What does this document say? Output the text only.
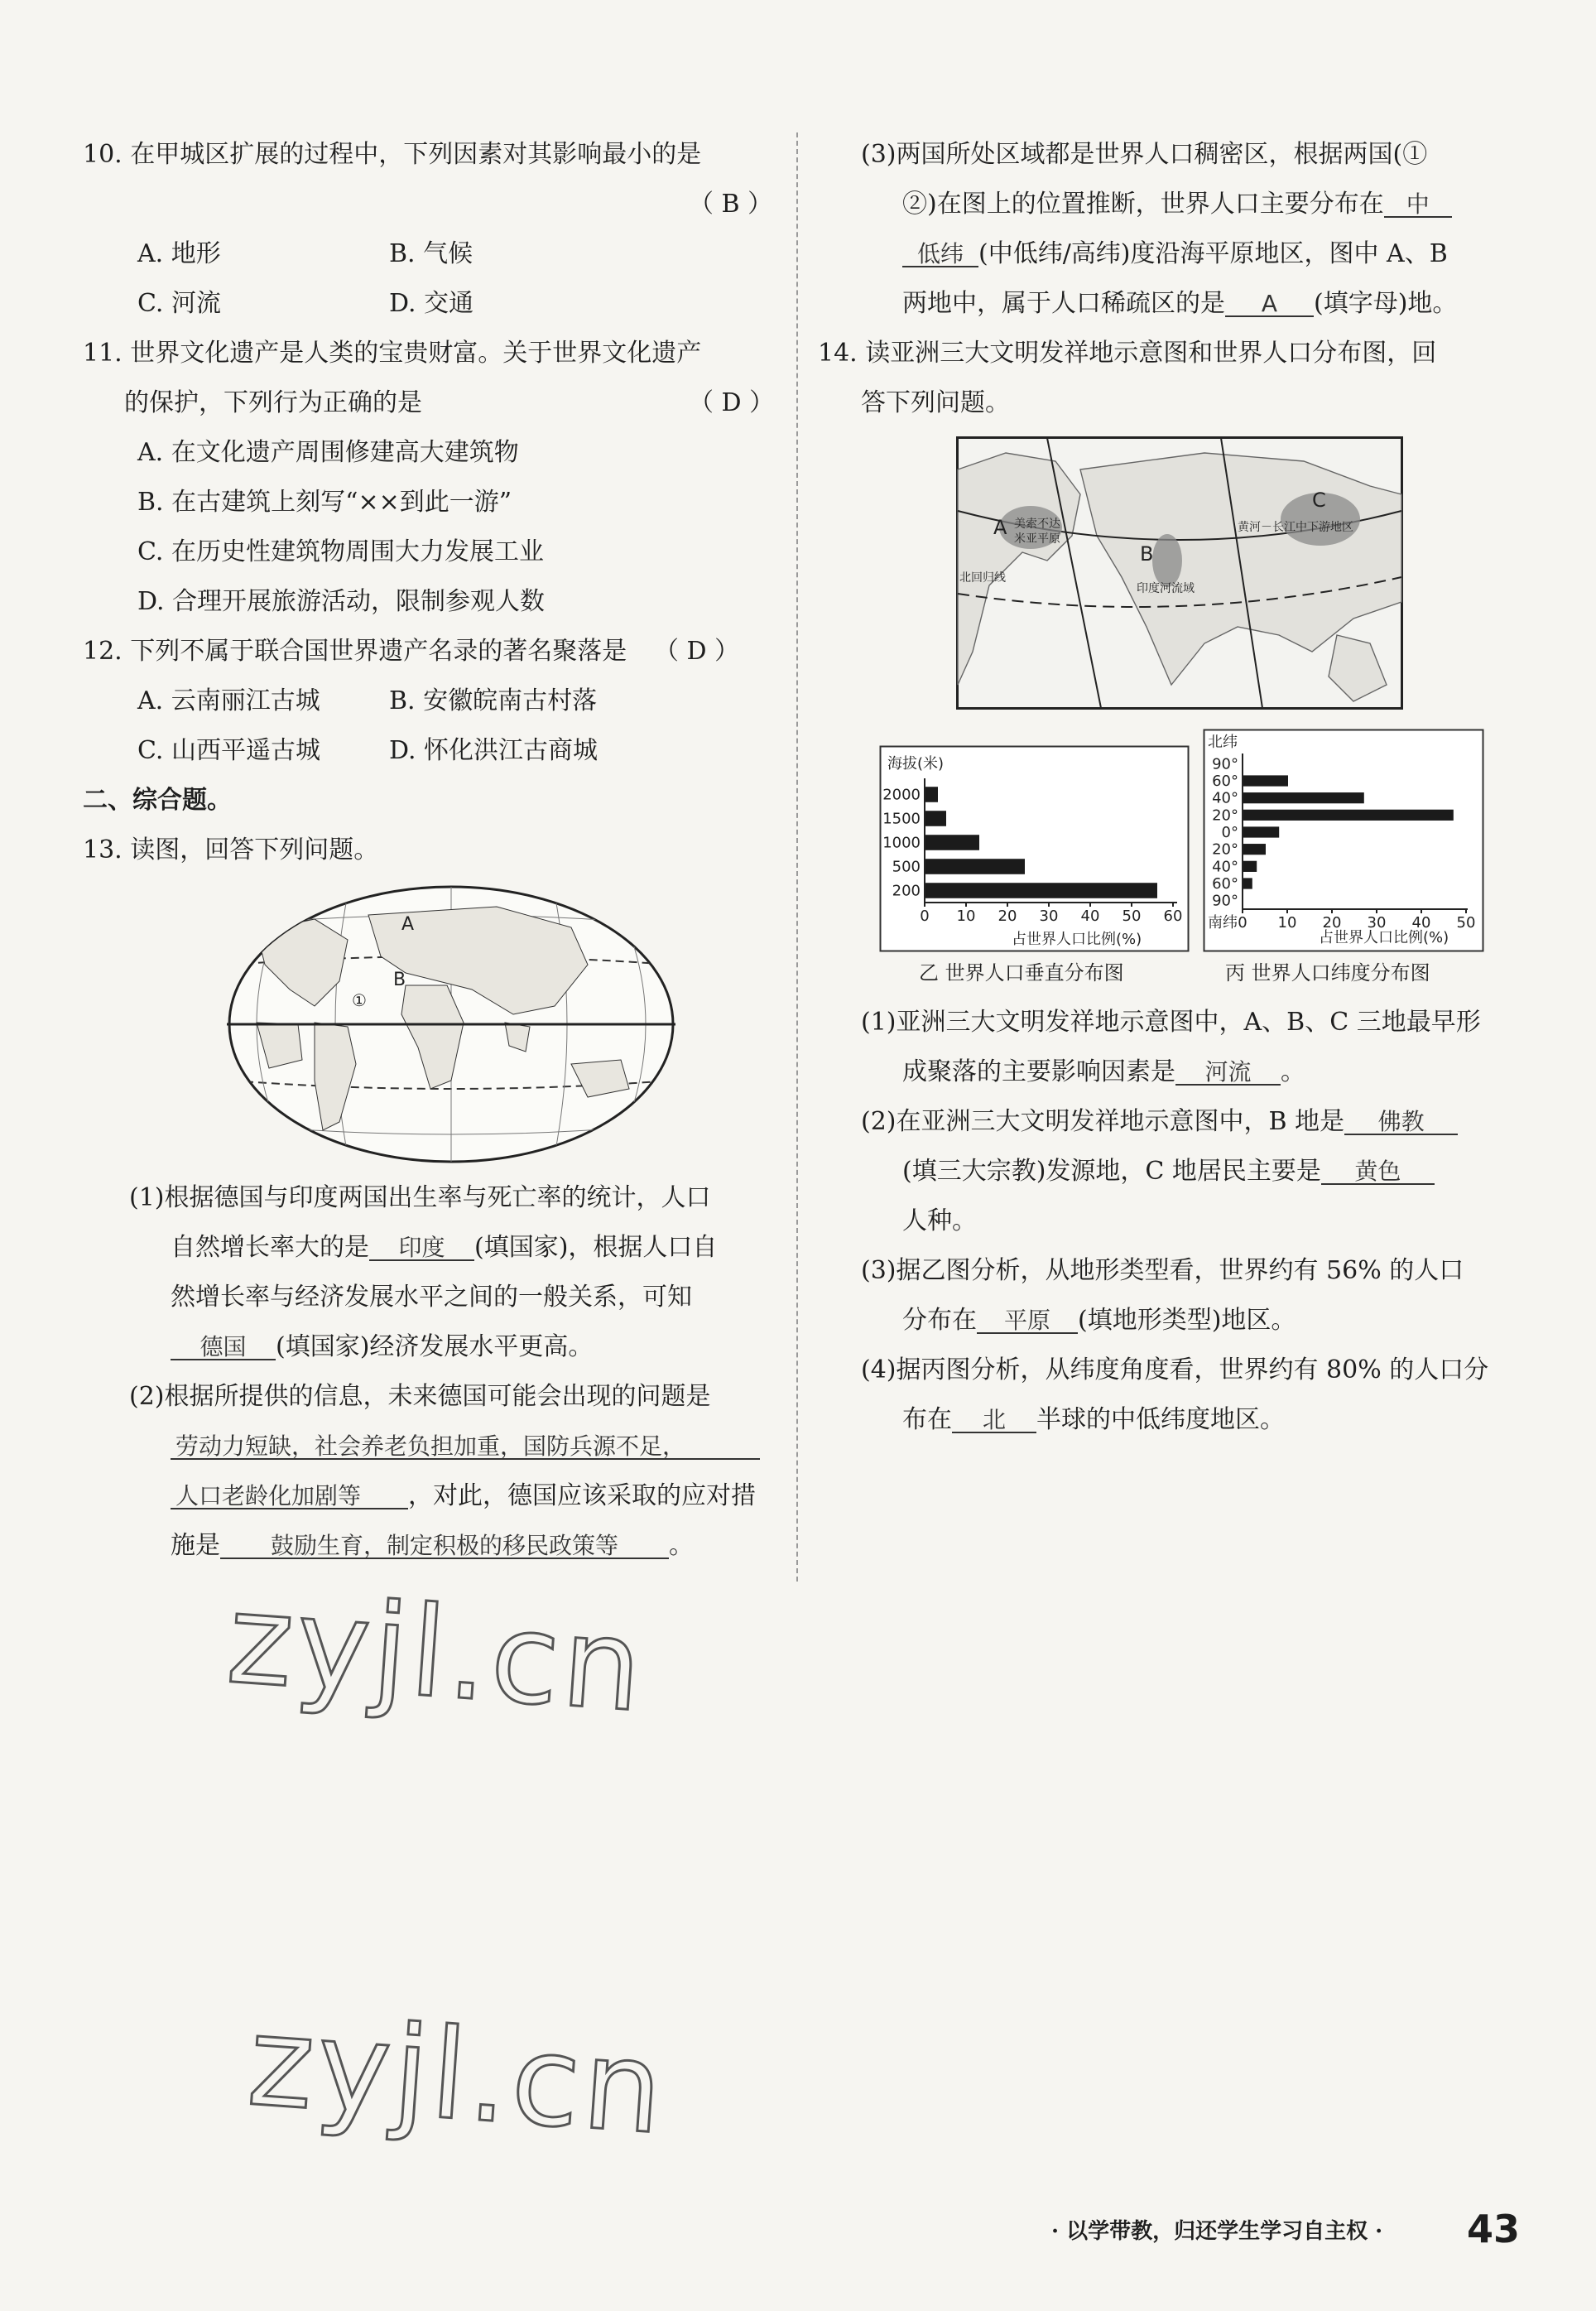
10. 在甲城区扩展的过程中，下列因素对其影响最小的是
（ B ）
A. 地形	B. 气候
C. 河流	D. 交通
11. 世界文化遗产是人类的宝贵财富。关于世界文化遗产
的保护，下列行为正确的是	（ D ）
A. 在文化遗产周围修建高大建筑物
B. 在古建筑上刻写“××到此一游”
C. 在历史性建筑物周围大力发展工业
D. 合理开展旅游活动，限制参观人数
12. 下列不属于联合国世界遗产名录的著名聚落是 （ D ）
A. 云南丽江古城	B. 安徽皖南古村落
C. 山西平遥古城	D. 怀化洪江古商城
二、综合题。
13. 读图，回答下列问题。
A
B
①
(1)根据德国与印度两国出生率与死亡率的统计，人口
自然增长率大的是 印度 (填国家)，根据人口自
然增长率与经济发展水平之间的一般关系，可知
德国 (填国家)经济发展水平更高。
(2)根据所提供的信息，未来德国可能会出现的问题是
劳动力短缺，社会养老负担加重，国防兵源不足，
人口老龄化加剧等 ，对此，德国应该采取的应对措
施是 鼓励生育，制定积极的移民政策等 。
zyjl.cn
zyjl.cn
(3)两国所处区域都是世界人口稠密区，根据两国(①
②)在图上的位置推断，世界人口主要分布在 中
低纬 (中低纬/高纬)度沿海平原地区，图中 A、B
两地中，属于人口稀疏区的是 A (填字母)地。
14. 读亚洲三大文明发祥地示意图和世界人口分布图，回
答下列问题。
A 美索不达
米亚平原
B
印度河流域
C
黄河－长江中下游地区
北回归线
海拔(米)
2000
1500
1000
500
200
0 10 20 30 40 50 60
占世界人口比例(%)
乙 世界人口垂直分布图
北纬
南纬
90°
60°
40°
20°
0°
20°
40°
60°
90°
0 10 20 30 40 50
占世界人口比例(%)
丙 世界人口纬度分布图
(1)亚洲三大文明发祥地示意图中，A、B、C 三地最早形
成聚落的主要影响因素是 河流 。
(2)在亚洲三大文明发祥地示意图中，B 地是 佛教
(填三大宗教)发源地，C 地居民主要是 黄色
人种。
(3)据乙图分析，从地形类型看，世界约有 56% 的人口
分布在 平原 (填地形类型)地区。
(4)据丙图分析，从纬度角度看，世界约有 80% 的人口分
布在 北 半球的中低纬度地区。
· 以学带教，归还学生学习自主权 · 43
